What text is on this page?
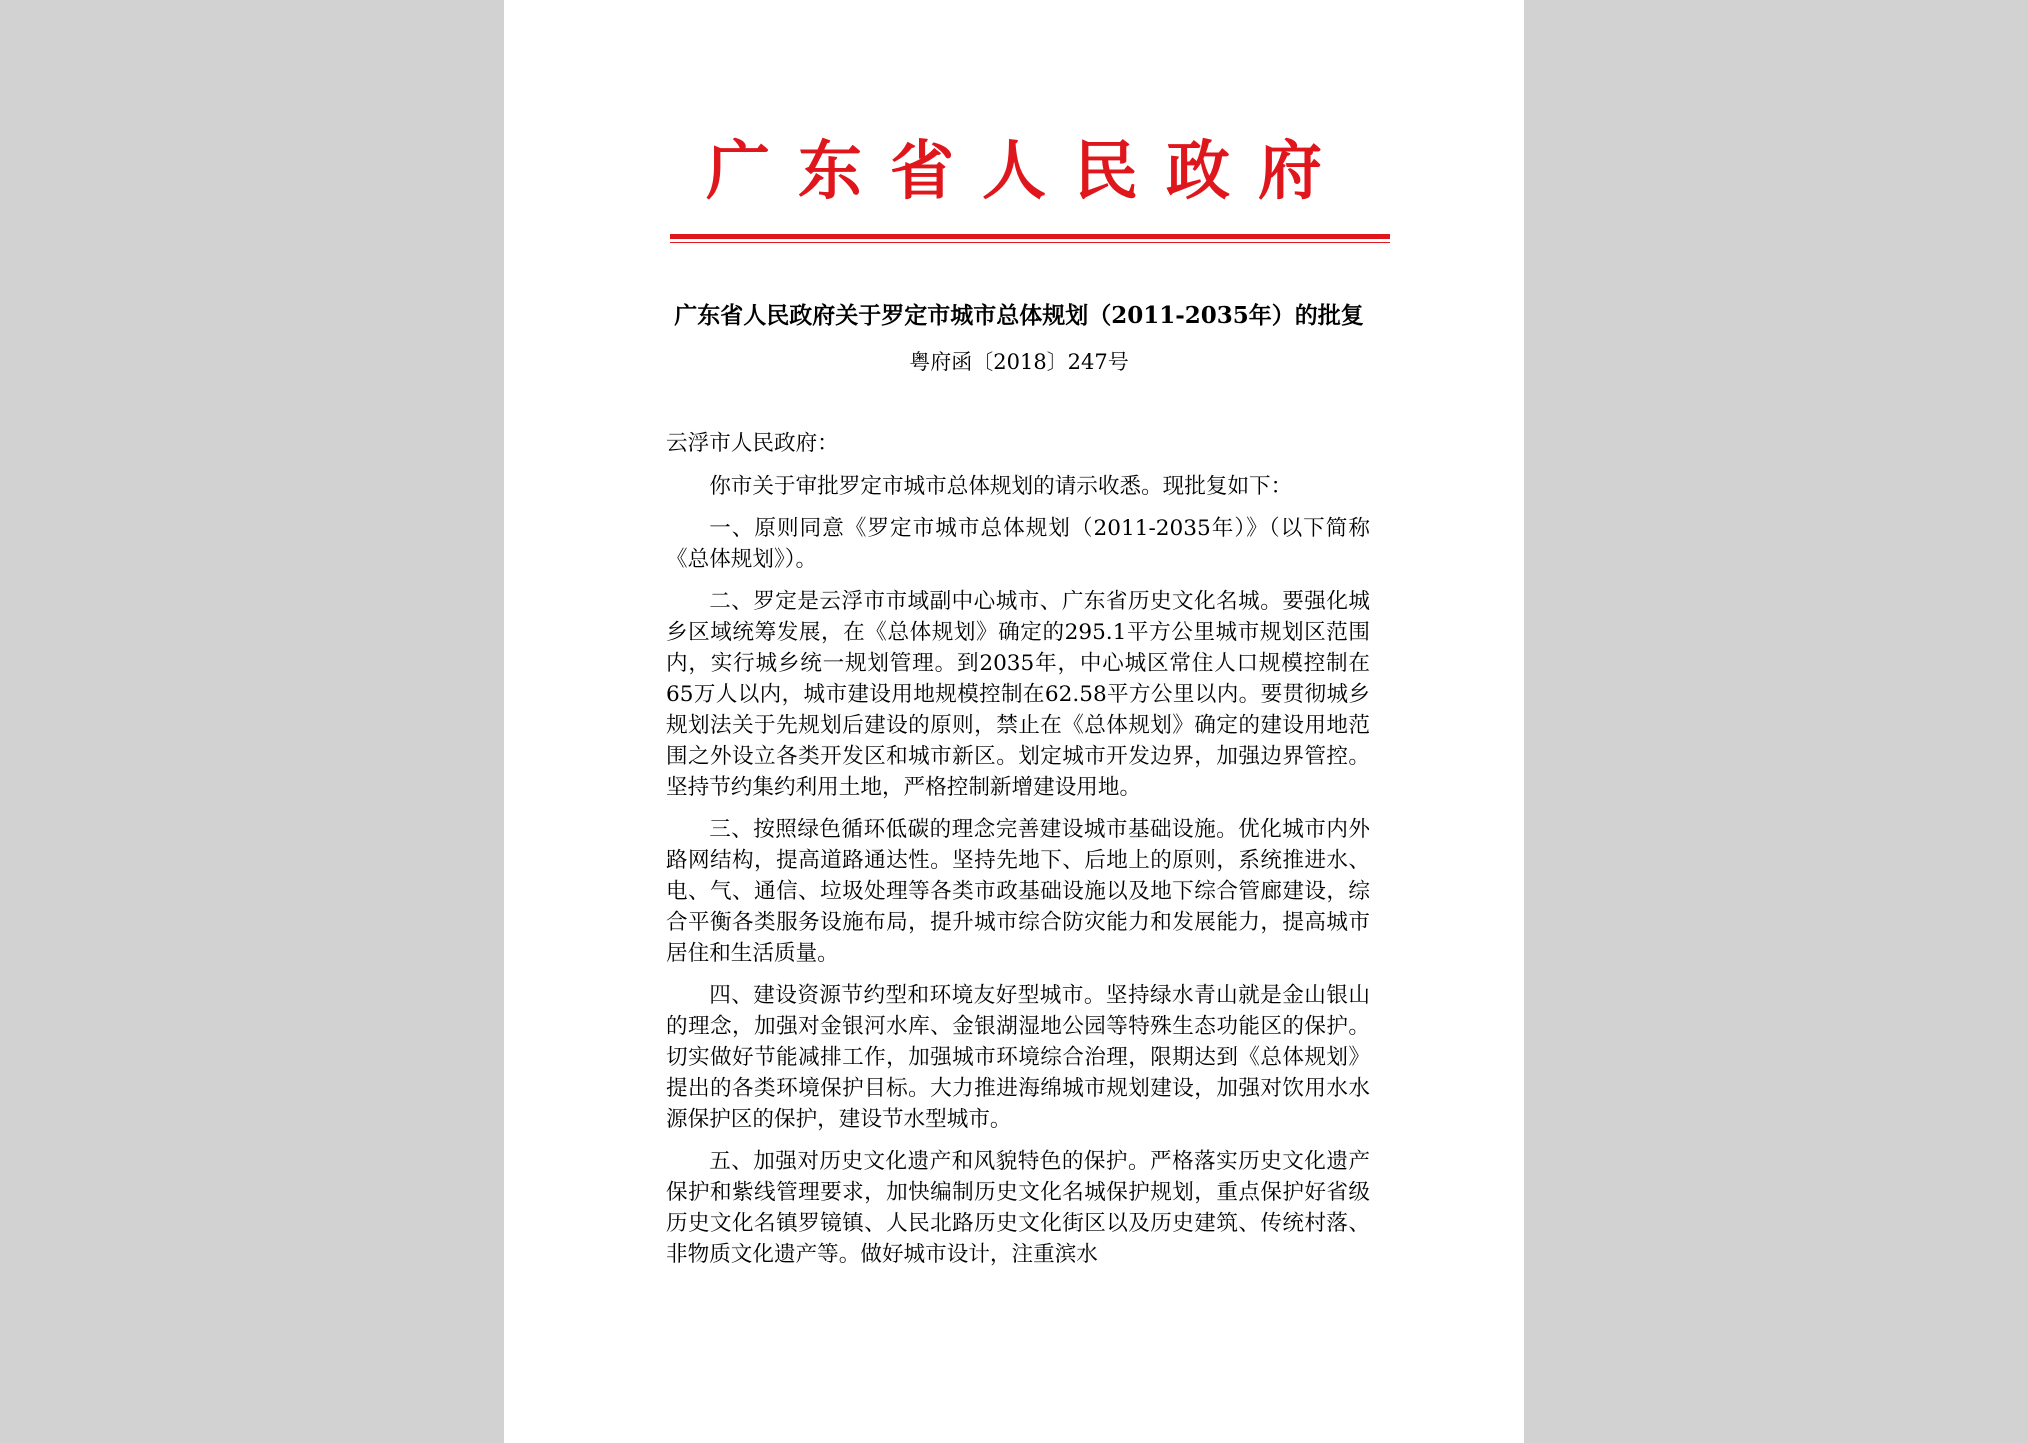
广东省人民政府
广东省人民政府关于罗定市城市总体规划（2011-2035年）的批复
粤府函〔2018〕247号

云浮市人民政府：

你市关于审批罗定市城市总体规划的请示收悉。现批复如下：

一、原则同意《罗定市城市总体规划（2011-2035年）》（以下简称《总体规划》）。

二、罗定是云浮市市域副中心城市、广东省历史文化名城。要强化城乡区域统筹发展，在《总体规划》确定的295.1平方公里城市规划区范围内，实行城乡统一规划管理。到2035年，中心城区常住人口规模控制在65万人以内，城市建设用地规模控制在62.58平方公里以内。要贯彻城乡规划法关于先规划后建设的原则，禁止在《总体规划》确定的建设用地范围之外设立各类开发区和城市新区。划定城市开发边界，加强边界管控。坚持节约集约利用土地，严格控制新增建设用地。

三、按照绿色循环低碳的理念完善建设城市基础设施。优化城市内外路网结构，提高道路通达性。坚持先地下、后地上的原则，系统推进水、电、气、通信、垃圾处理等各类市政基础设施以及地下综合管廊建设，综合平衡各类服务设施布局，提升城市综合防灾能力和发展能力，提高城市居住和生活质量。

四、建设资源节约型和环境友好型城市。坚持绿水青山就是金山银山的理念，加强对金银河水库、金银湖湿地公园等特殊生态功能区的保护。切实做好节能减排工作，加强城市环境综合治理，限期达到《总体规划》提出的各类环境保护目标。大力推进海绵城市规划建设，加强对饮用水水源保护区的保护，建设节水型城市。

五、加强对历史文化遗产和风貌特色的保护。严格落实历史文化遗产保护和紫线管理要求，加快编制历史文化名城保护规划，重点保护好省级历史文化名镇罗镜镇、人民北路历史文化街区以及历史建筑、传统村落、非物质文化遗产等。做好城市设计，注重滨水
